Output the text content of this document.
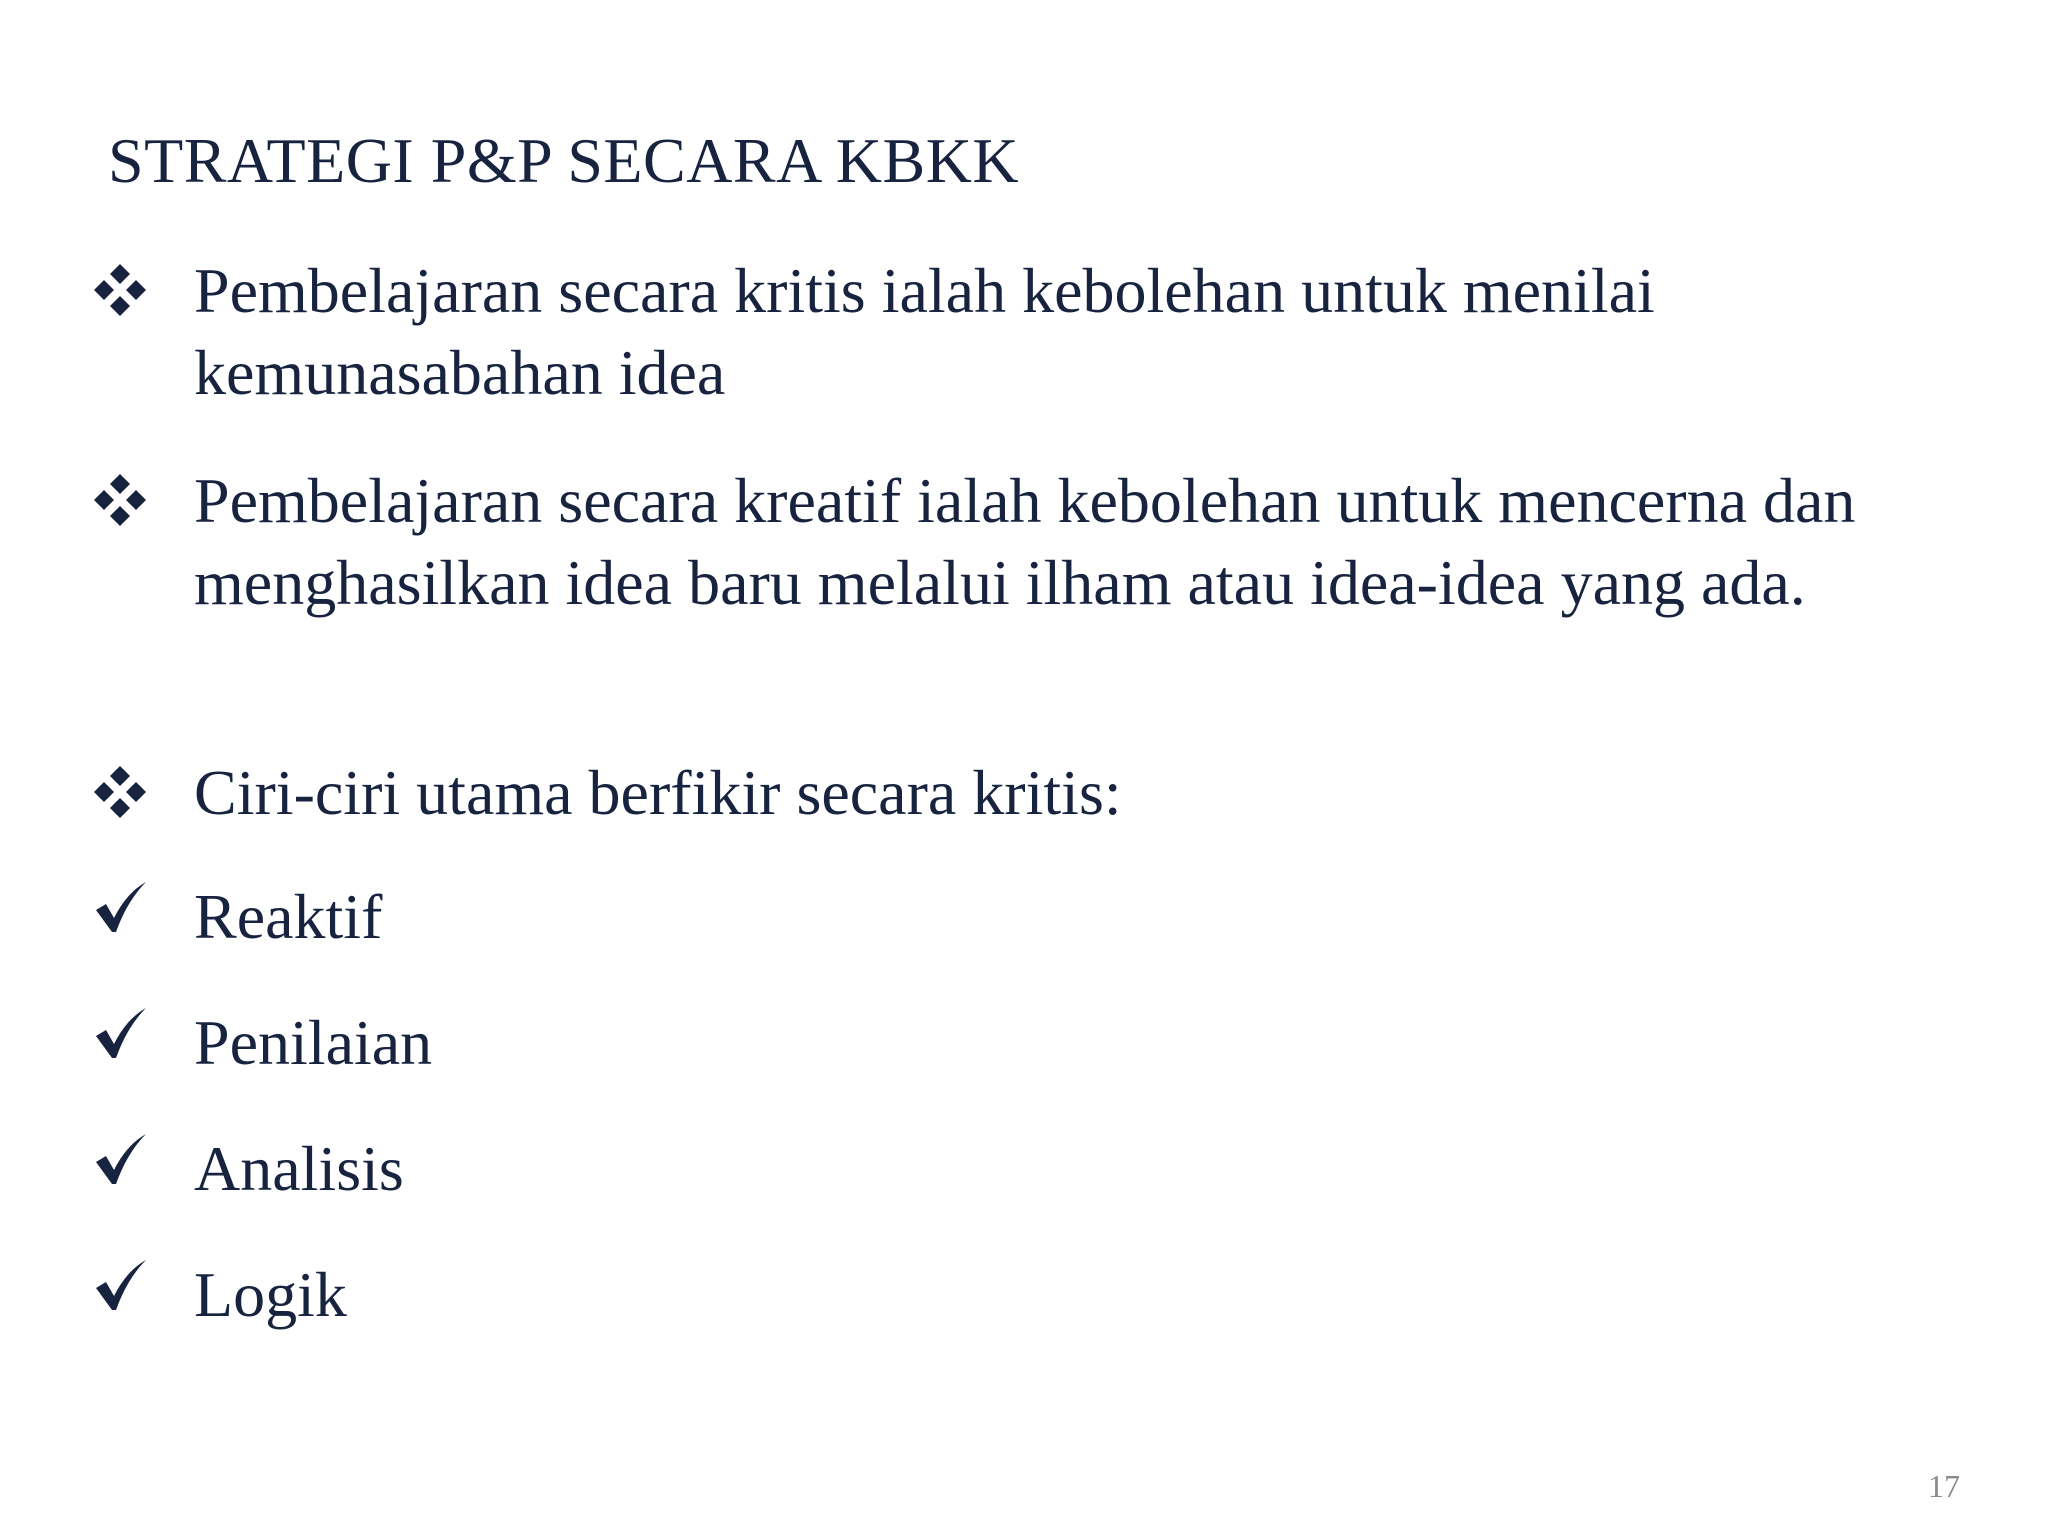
STRATEGI P&P SECARA KBKK
Pembelajaran secara kritis ialah kebolehan untuk menilai kemunasabahan idea
Pembelajaran secara kreatif ialah kebolehan untuk mencerna dan menghasilkan idea baru melalui ilham atau idea-idea yang ada.
Ciri-ciri utama berfikir secara kritis:
Reaktif
Penilaian
Analisis
Logik
17
